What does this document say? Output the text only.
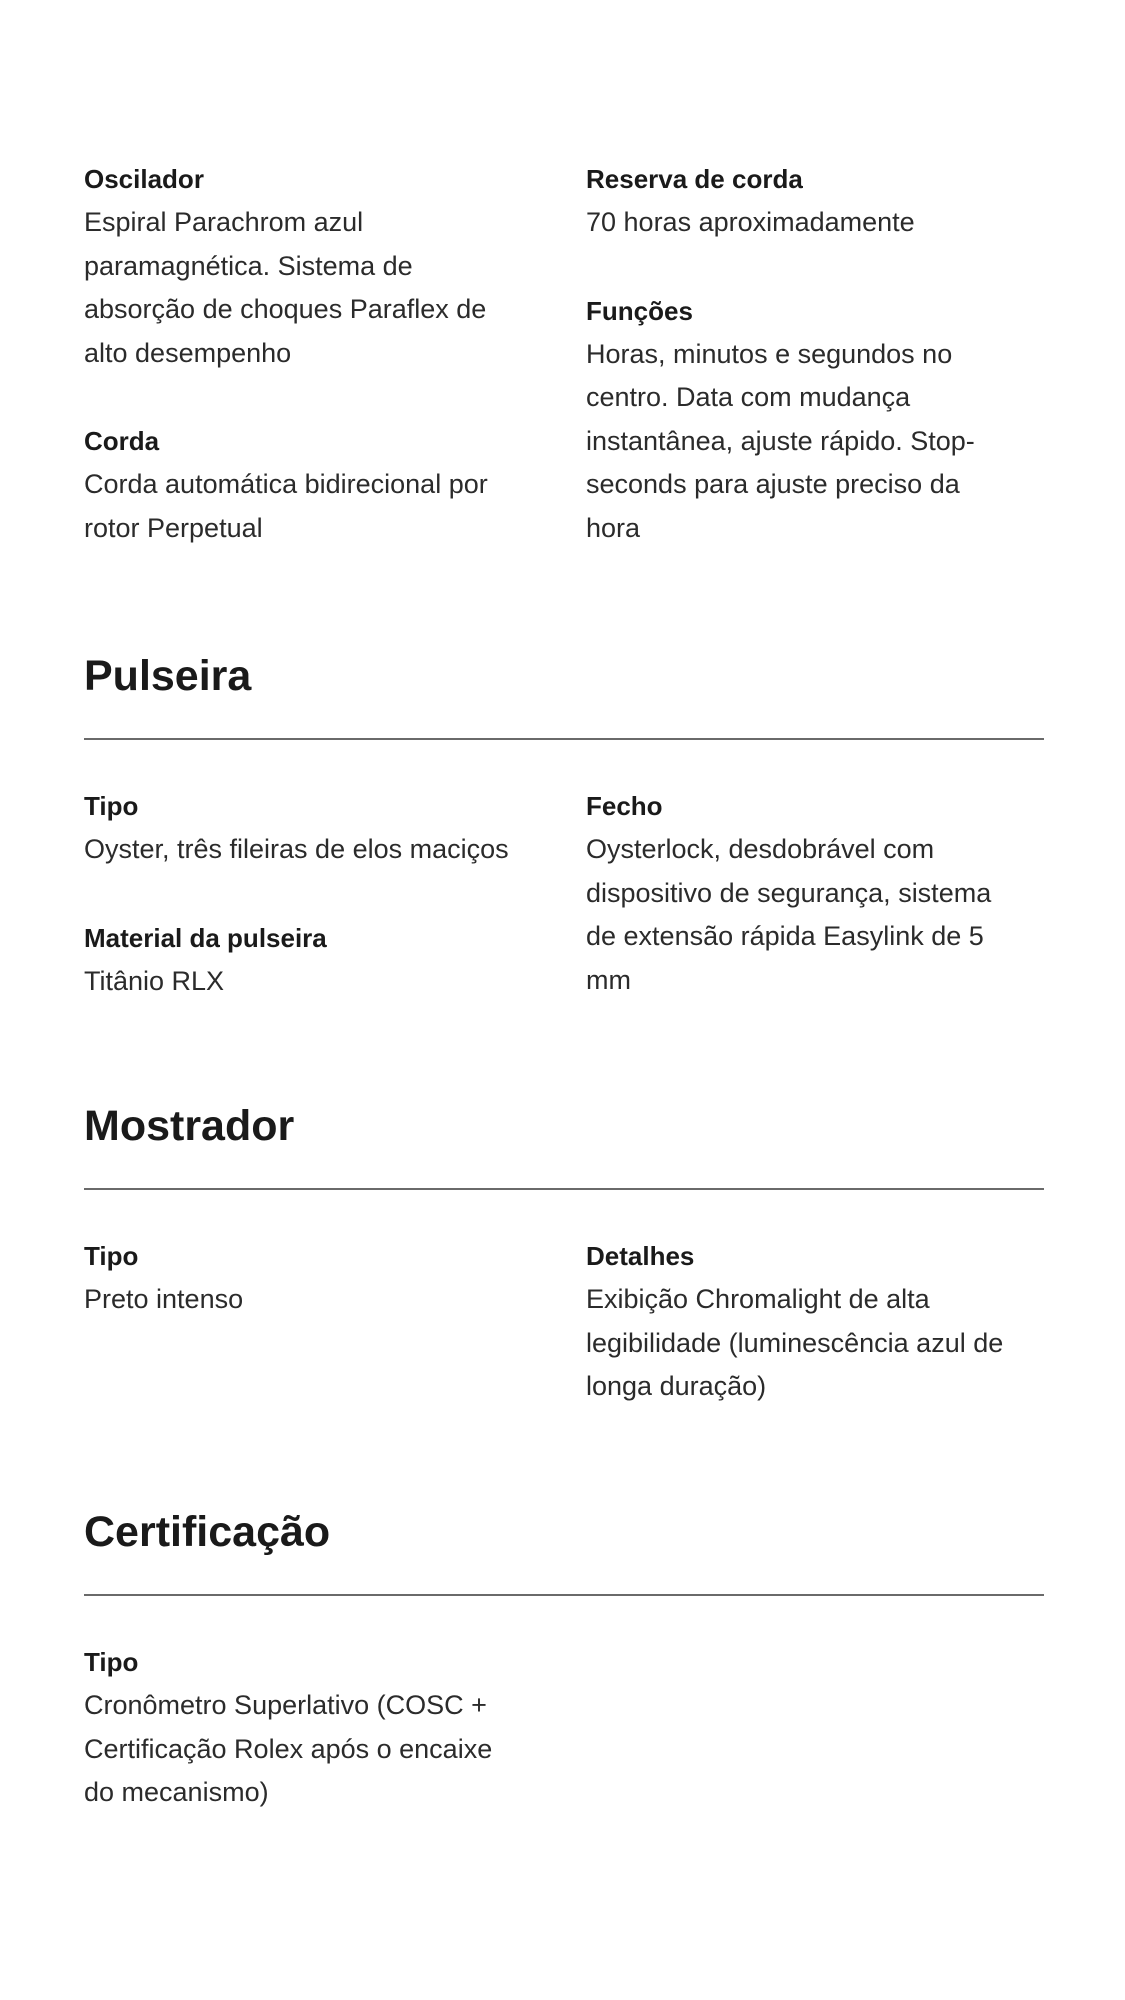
Oscilador
Espiral Parachrom azul
paramagnética. Sistema de
absorção de choques Paraflex de
alto desempenho
Corda
Corda automática bidirecional por
rotor Perpetual
Reserva de corda
70 horas aproximadamente
Funções
Horas, minutos e segundos no
centro. Data com mudança
instantânea, ajuste rápido. Stop-
seconds para ajuste preciso da
hora
Pulseira
Tipo
Oyster, três fileiras de elos maciços
Material da pulseira
Titânio RLX
Fecho
Oysterlock, desdobrável com
dispositivo de segurança, sistema
de extensão rápida Easylink de 5
mm
Mostrador
Tipo
Preto intenso
Detalhes
Exibição Chromalight de alta
legibilidade (luminescência azul de
longa duração)
Certificação
Tipo
Cronômetro Superlativo (COSC +
Certificação Rolex após o encaixe
do mecanismo)
